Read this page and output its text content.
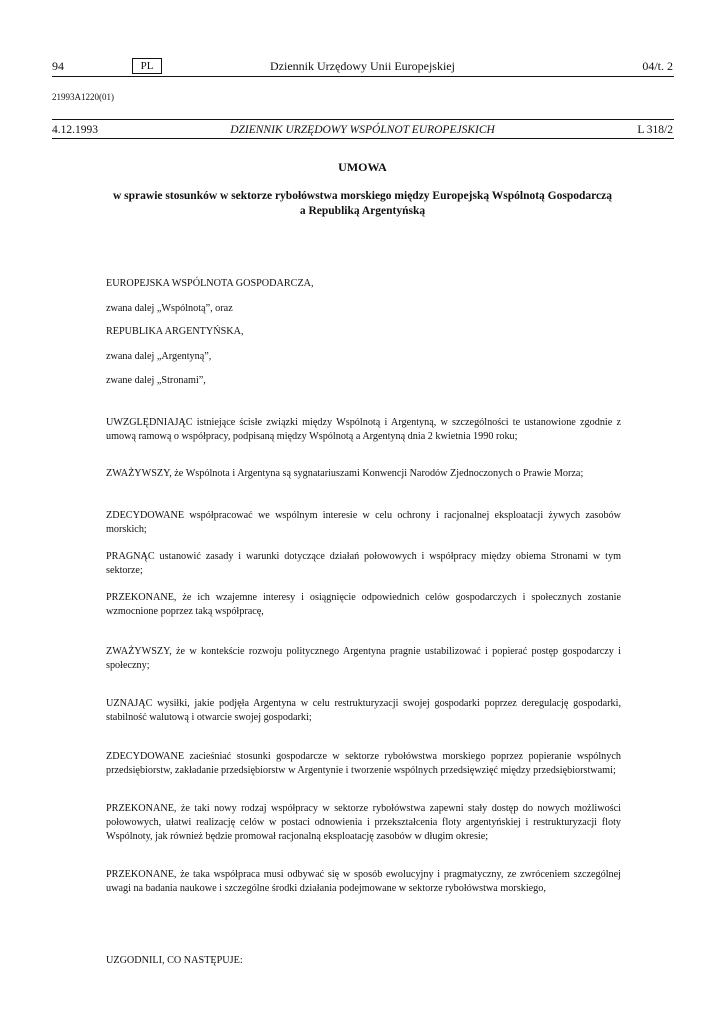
94	PL	Dziennik Urzędowy Unii Europejskiej	04/t. 2
21993A1220(01)
4.12.1993	DZIENNIK URZĘDOWY WSPÓLNOT EUROPEJSKICH	L 318/2
UMOWA
w sprawie stosunków w sektorze rybołówstwa morskiego między Europejską Wspólnotą Gospodarczą
a Republiką Argentyńską
EUROPEJSKA WSPÓLNOTA GOSPODARCZA,
zwana dalej „Wspólnotą”, oraz
REPUBLIKA ARGENTYŃSKA,
zwana dalej „Argentyną”,
zwane dalej „Stronami”,
UWZGLĘDNIAJĄC istniejące ścisłe związki między Wspólnotą i Argentyną, w szczególności te ustanowione zgodnie z umową ramową o współpracy, podpisaną między Wspólnotą a Argentyną dnia 2 kwietnia 1990 roku;
ZWAŻYWSZY, że Wspólnota i Argentyna są sygnatariuszami Konwencji Narodów Zjednoczonych o Prawie Morza;
ZDECYDOWANE współpracować we wspólnym interesie w celu ochrony i racjonalnej eksploatacji żywych zasobów morskich;
PRAGNĄC ustanowić zasady i warunki dotyczące działań połowowych i współpracy między obiema Stronami w tym sektorze;
PRZEKONANE, że ich wzajemne interesy i osiągnięcie odpowiednich celów gospodarczych i społecznych zostanie wzmocnione poprzez taką współpracę,
ZWAŻYWSZY, że w kontekście rozwoju politycznego Argentyna pragnie ustabilizować i popierać postęp gospodarczy i społeczny;
UZNAJĄC wysiłki, jakie podjęła Argentyna w celu restrukturyzacji swojej gospodarki poprzez deregulację gospodarki, stabilność walutową i otwarcie swojej gospodarki;
ZDECYDOWANE zacieśniać stosunki gospodarcze w sektorze rybołówstwa morskiego poprzez popieranie wspólnych przedsiębiorstw, zakładanie przedsiębiorstw w Argentynie i tworzenie wspólnych przedsięwzięć między przedsiębiorstwami;
PRZEKONANE, że taki nowy rodzaj współpracy w sektorze rybołówstwa zapewni stały dostęp do nowych możliwości połowowych, ułatwi realizację celów w postaci odnowienia i przekształcenia floty argentyńskiej i restrukturyzacji floty Wspólnoty, jak również będzie promował racjonalną eksploatację zasobów w długim okresie;
PRZEKONANE, że taka współpraca musi odbywać się w sposób ewolucyjny i pragmatyczny, ze zwróceniem szczególnej uwagi na badania naukowe i szczególne środki działania podejmowane w sektorze rybołówstwa morskiego,
UZGODNILI, CO NASTĘPUJE:
